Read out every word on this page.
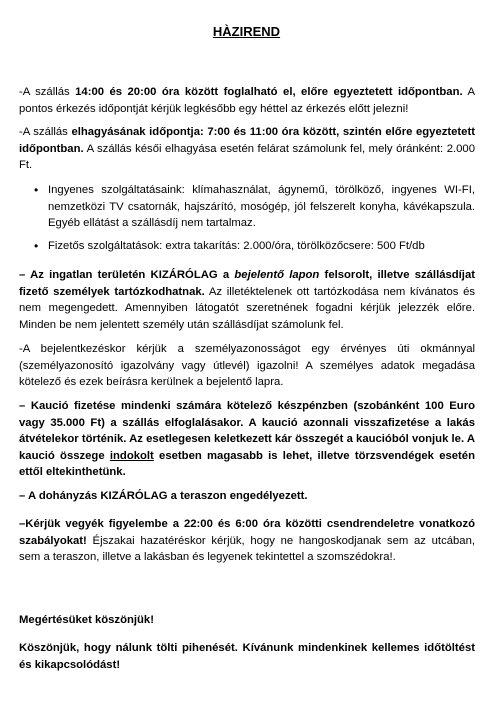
HÀZIREND
-A szállás 14:00 és 20:00 óra között foglalható el, előre egyeztetett időpontban. A pontos érkezés időpontját kérjük legkésőbb egy héttel az érkezés előtt jelezni!
-A szállás elhagyásának időpontja: 7:00 és 11:00 óra között, szintén előre egyeztetett időpontban. A szállás késői elhagyása esetén felárat számolunk fel, mely óránként: 2.000 Ft.
• Ingyenes szolgáltatásaink: klímahasználat, ágynemű, törölköző, ingyenes WI-FI, nemzetközi TV csatornák, hajszárító, mosógép, jól felszerelt konyha, kávékapszula. Egyéb ellátást a szállásdíj nem tartalmaz.
• Fizetős szolgáltatások: extra takarítás: 2.000/óra, törölközőcsere: 500 Ft/db
– Az ingatlan területén KIZÁRÓLAG a bejelentő lapon felsorolt, illetve szállásdíjat fizető személyek tartózkodhatnak. Az illetéktelenek ott tartózkodása nem kívánatos és nem megengedett. Amennyiben látogatót szeretnének fogadni kérjük jelezzék előre. Minden be nem jelentett személy után szállásdíjat számolunk fel.
-A bejelentkezéskor kérjük a személyazonosságot egy érvényes úti okmánnyal (személyazonosító igazolvány vagy útlevél) igazolni! A személyes adatok megadása kötelező és ezek beírásra kerülnek a bejelentő lapra.
– Kaució fizetése mindenki számára kötelező készpénzben (szobánként 100 Euro vagy 35.000 Ft) a szállás elfoglalásakor. A kaució azonnali visszafizetése a lakás átvételekor történik. Az esetlegesen keletkezett kár összegét a kaucióból vonjuk le. A kaució összege indokolt esetben magasabb is lehet, illetve törzsvendégek esetén ettől eltekinthetünk.
– A dohányzás KIZÁRÓLAG a teraszon engedélyezett.
–Kérjük vegyék figyelembe a 22:00 és 6:00 óra közötti csendrendeletre vonatkozó szabályokat! Éjszakai hazatéréskor kérjük, hogy ne hangoskodjanak sem az utcában, sem a teraszon, illetve a lakásban és legyenek tekintettel a szomszédokra!.
Megértésüket köszönjük!
Köszönjük, hogy nálunk tölti pihenését. Kívánunk mindenkinek kellemes időtöltést és kikapcsolódást!
